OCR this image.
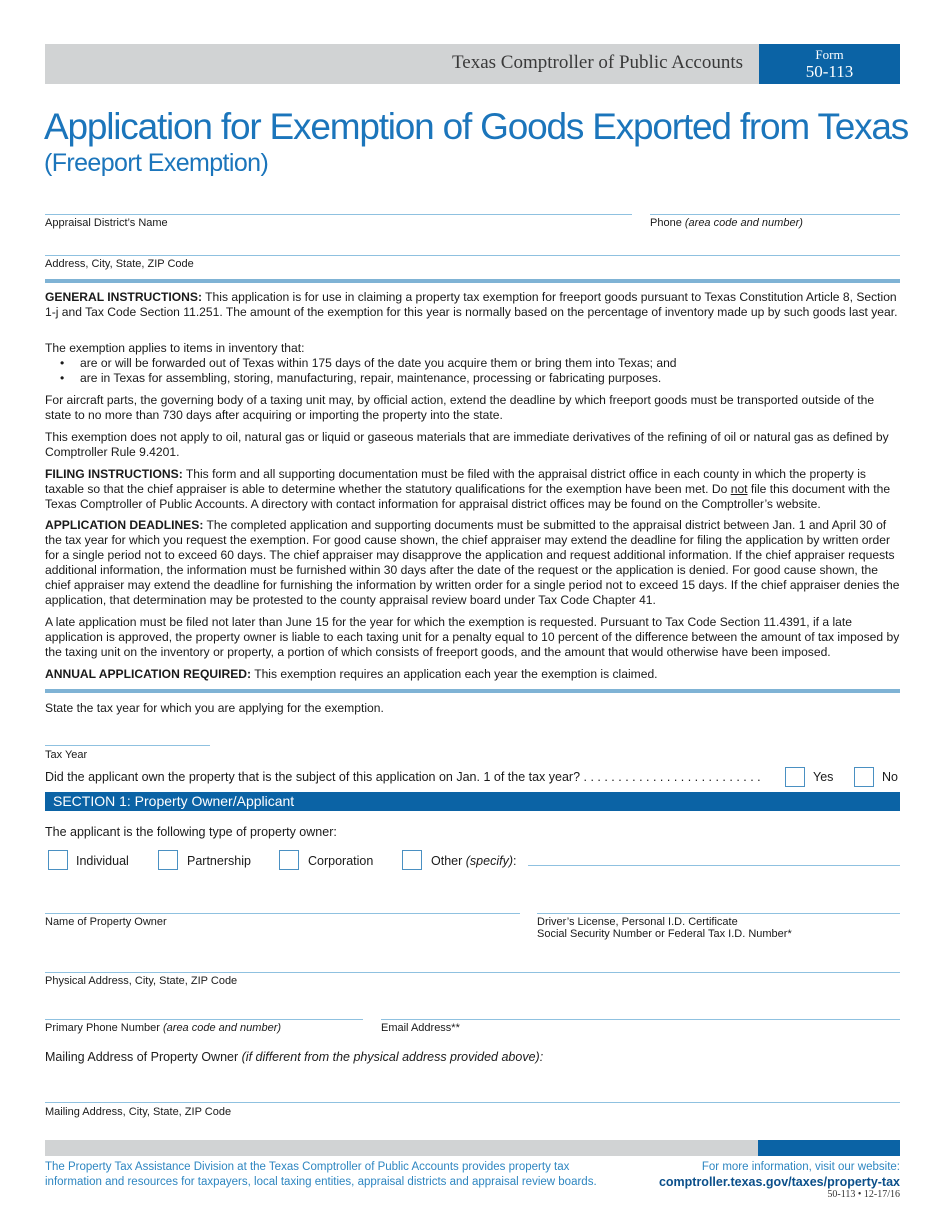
Texas Comptroller of Public Accounts	Form
50-113
Application for Exemption of Goods Exported from Texas
(Freeport Exemption)
Appraisal District’s Name	Phone (area code and number)
Address, City, State, ZIP Code

GENERAL INSTRUCTIONS: This application is for use in claiming a property tax exemption for freeport goods pursuant to Texas Constitution Article 8, Section 1-j and Tax Code Section 11.251. The amount of the exemption for this year is normally based on the percentage of inventory made up by such goods last year.

The exemption applies to items in inventory that:
• are or will be forwarded out of Texas within 175 days of the date you acquire them or bring them into Texas; and
• are in Texas for assembling, storing, manufacturing, repair, maintenance, processing or fabricating purposes.
For aircraft parts, the governing body of a taxing unit may, by official action, extend the deadline by which freeport goods must be transported outside of the state to no more than 730 days after acquiring or importing the property into the state.
This exemption does not apply to oil, natural gas or liquid or gaseous materials that are immediate derivatives of the refining of oil or natural gas as defined by Comptroller Rule 9.4201.

FILING INSTRUCTIONS: This form and all supporting documentation must be filed with the appraisal district office in each county in which the property is taxable so that the chief appraiser is able to determine whether the statutory qualifications for the exemption have been met. Do not file this document with the Texas Comptroller of Public Accounts. A directory with contact information for appraisal district offices may be found on the Comptroller’s website.

APPLICATION DEADLINES: The completed application and supporting documents must be submitted to the appraisal district between Jan. 1 and April 30 of the tax year for which you request the exemption. For good cause shown, the chief appraiser may extend the deadline for filing the application by written order for a single period not to exceed 60 days. The chief appraiser may disapprove the application and request additional information. If the chief appraiser requests additional information, the information must be furnished within 30 days after the date of the request or the application is denied. For good cause shown, the chief appraiser may extend the deadline for furnishing the information by written order for a single period not to exceed 15 days. If the chief appraiser denies the application, that determination may be protested to the county appraisal review board under Tax Code Chapter 41.

A late application must be filed not later than June 15 for the year for which the exemption is requested. Pursuant to Tax Code Section 11.4391, if a late application is approved, the property owner is liable to each taxing unit for a penalty equal to 10 percent of the difference between the amount of tax imposed by the taxing unit on the inventory or property, a portion of which consists of freeport goods, and the amount that would otherwise have been imposed.

ANNUAL APPLICATION REQUIRED: This exemption requires an application each year the exemption is claimed.

State the tax year for which you are applying for the exemption.
Tax Year
Did the applicant own the property that is the subject of this application on Jan. 1 of the tax year? . . . . . . . . . . . . . . . . . . . . . . . . . .	Yes	No
SECTION 1: Property Owner/Applicant
The applicant is the following type of property owner:
Individual	Partnership	Corporation	Other (specify):
Name of Property Owner	Driver’s License, Personal I.D. Certificate
Social Security Number or Federal Tax I.D. Number*
Physical Address, City, State, ZIP Code
Primary Phone Number (area code and number)	Email Address**
Mailing Address of Property Owner (if different from the physical address provided above):
Mailing Address, City, State, ZIP Code
The Property Tax Assistance Division at the Texas Comptroller of Public Accounts provides property tax information and resources for taxpayers, local taxing entities, appraisal districts and appraisal review boards.
For more information, visit our website:
comptroller.texas.gov/taxes/property-tax
50-113 • 12-17/16
